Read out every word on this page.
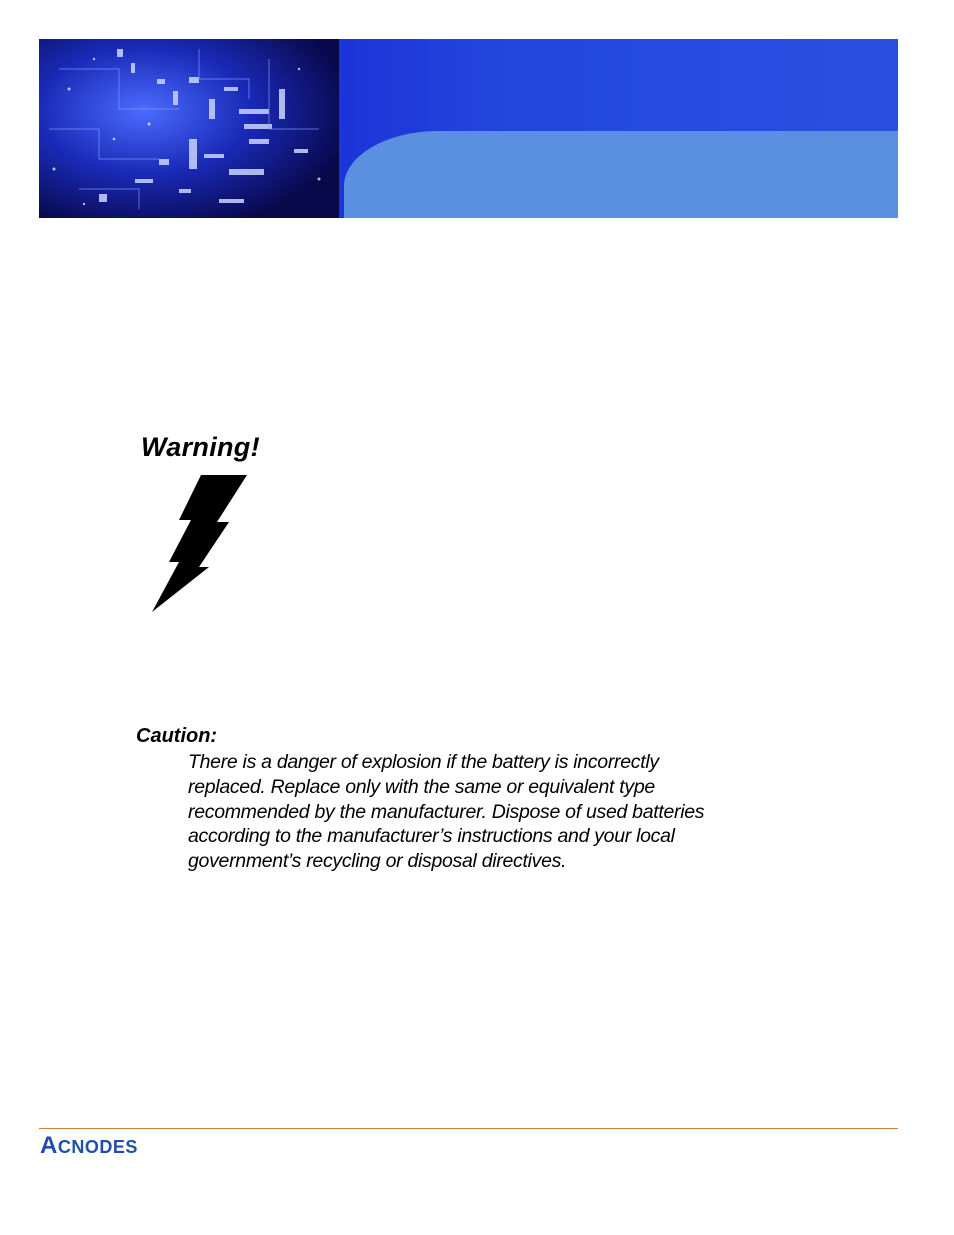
Warning!
Caution:
There is a danger of explosion if the battery is incorrectly
replaced. Replace only with the same or equivalent type
recommended by the manufacturer. Dispose of used batteries
according to the manufacturer’s instructions and your local
government’s recycling or disposal directives.
ACNODES
